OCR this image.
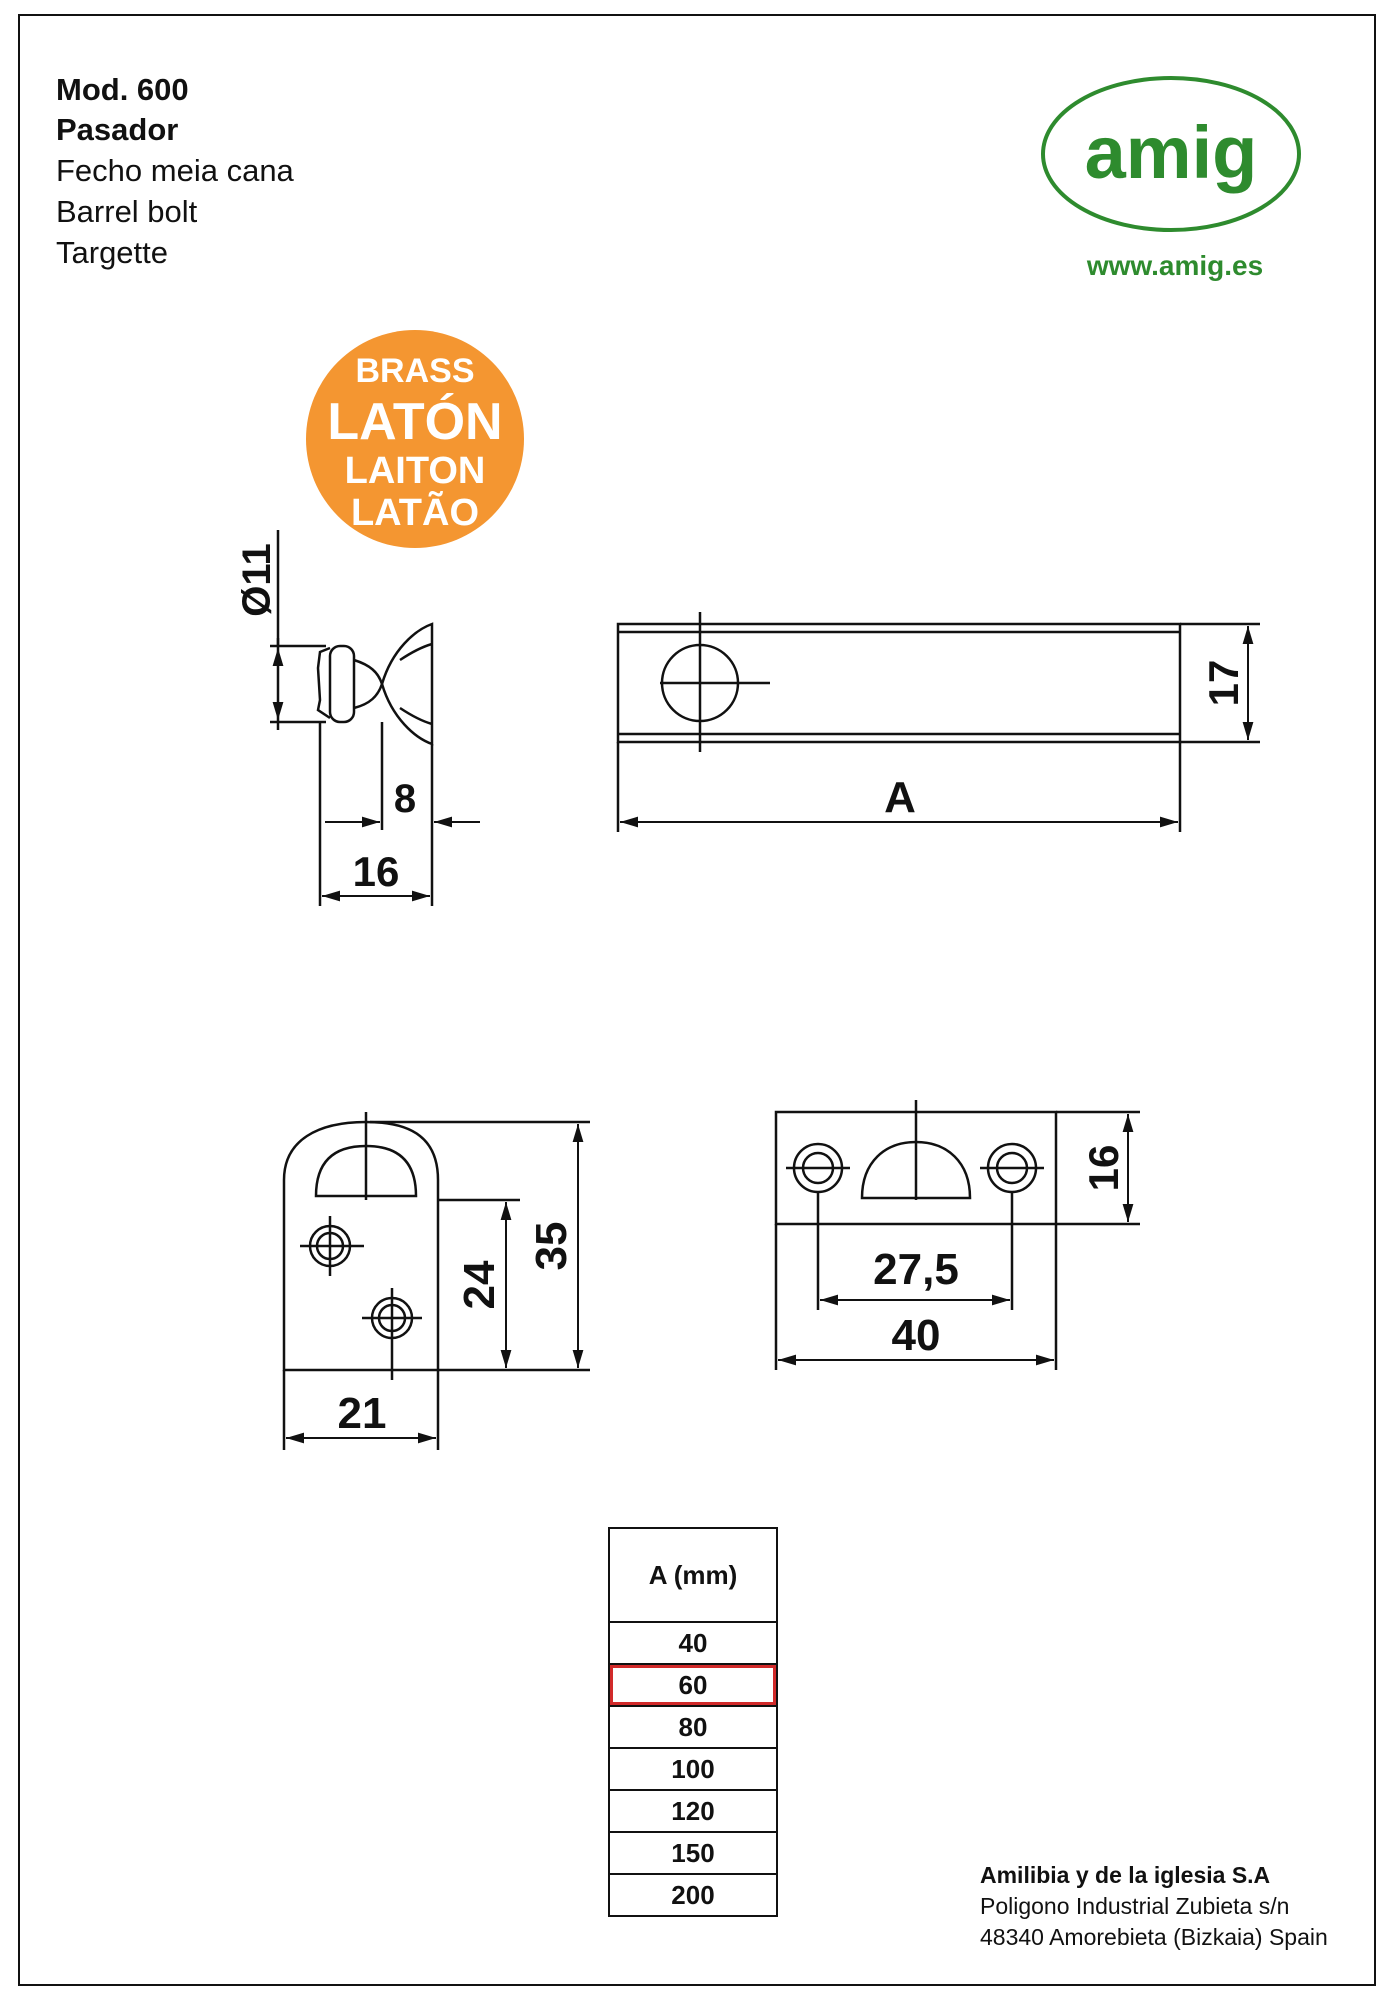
Mod. 600
Pasador
Fecho meia cana
Barrel bolt
Targette
amig
www.amig.es
BRASS
LATÓN
LAITON
LATÃO
Ø11
8
16
A
17
24
35
21
16
27,5
40
A (mm)
40
60
80
100
120
150
200
Amilibia y de la iglesia S.A
Poligono Industrial Zubieta s/n
48340 Amorebieta (Bizkaia) Spain
